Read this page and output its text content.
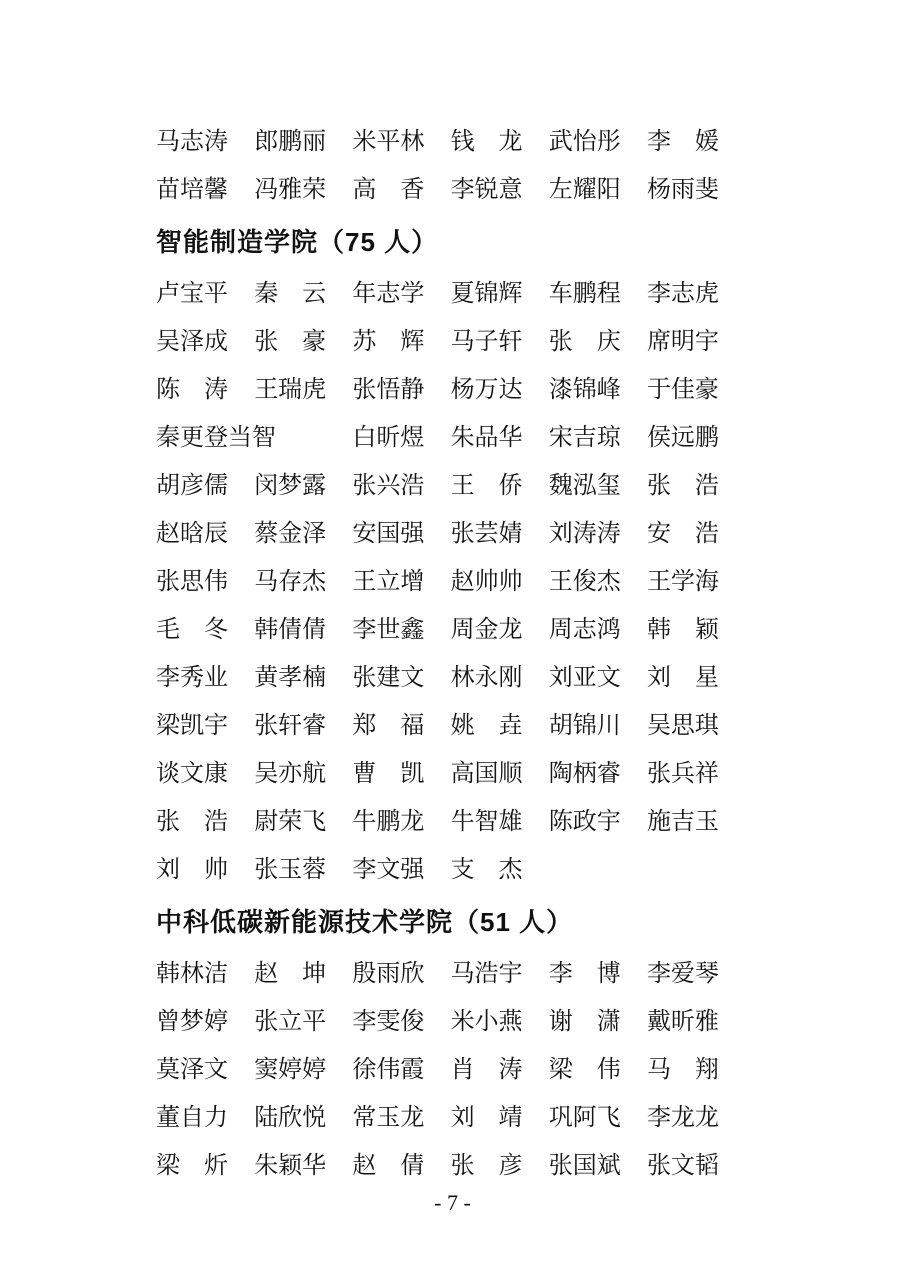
马志涛 郎鹏丽 米平林 钱　龙 武怡彤 李　媛
苗培馨 冯雅荣 高　香 李锐意 左耀阳 杨雨斐
智能制造学院（75 人）
卢宝平 秦　云 年志学 夏锦辉 车鹏程 李志虎
吴泽成 张　豪 苏　辉 马子轩 张　庆 席明宇
陈　涛 王瑞虎 张悟静 杨万达 漆锦峰 于佳豪
秦更登当智	白昕煜 朱品华 宋吉琼 侯远鹏
胡彦儒 闵梦露 张兴浩 王　侨 魏泓玺 张　浩
赵晗辰 蔡金泽 安国强 张芸婧 刘涛涛 安　浩
张思伟 马存杰 王立增 赵帅帅 王俊杰 王学海
毛　冬 韩倩倩 李世鑫 周金龙 周志鸿 韩　颖
李秀业 黄孝楠 张建文 林永刚 刘亚文 刘　星
梁凯宇 张轩睿 郑　福 姚　垚 胡锦川 吴思琪
谈文康 吴亦航 曹　凯 高国顺 陶柄睿 张兵祥
张　浩 尉荣飞 牛鹏龙 牛智雄 陈政宇 施吉玉
刘　帅 张玉蓉 李文强 支　杰
中科低碳新能源技术学院（51 人）
韩林洁 赵　坤 殷雨欣 马浩宇 李　博 李爱琴
曾梦婷 张立平 李雯俊 米小燕 谢　潇 戴昕雅
莫泽文 窦婷婷 徐伟霞 肖　涛 梁　伟 马　翔
董自力 陆欣悦 常玉龙 刘　靖 巩阿飞 李龙龙
梁　炘 朱颖华 赵　倩 张　彦 张国斌 张文韬
- 7 -
